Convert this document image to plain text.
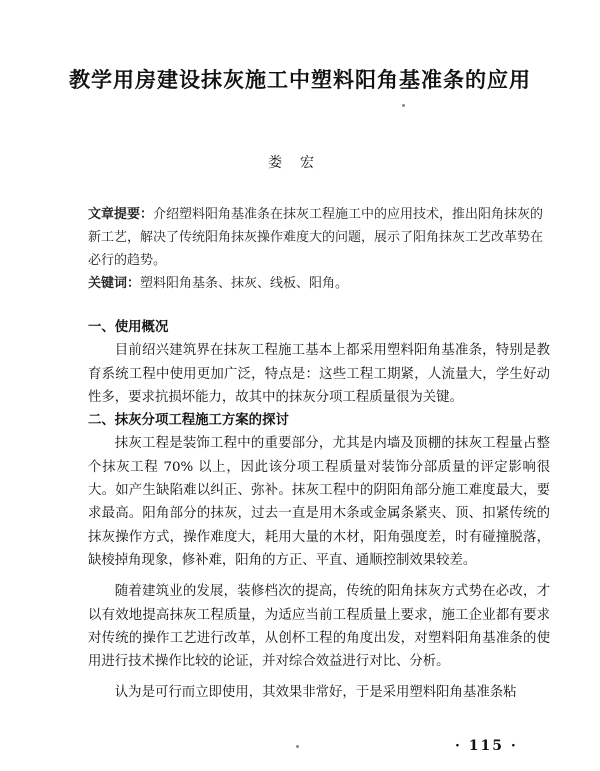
教学用房建设抹灰施工中塑料阳角基准条的应用
娄宏
文章提要：介绍塑料阳角基准条在抹灰工程施工中的应用技术，推出阳角抹灰的新工艺，解决了传统阳角抹灰操作难度大的问题，展示了阳角抹灰工艺改革势在必行的趋势。
关键词：塑料阳角基条、抹灰、线板、阳角。

一、使用概况

目前绍兴建筑界在抹灰工程施工基本上都采用塑料阳角基准条，特别是教育系统工程中使用更加广泛，特点是：这些工程工期紧，人流量大，学生好动性多，要求抗损坏能力，故其中的抹灰分项工程质量很为关键。

二、抹灰分项工程施工方案的探讨

抹灰工程是装饰工程中的重要部分，尤其是内墙及顶棚的抹灰工程量占整个抹灰工程 70% 以上，因此该分项工程质量对装饰分部质量的评定影响很大。如产生缺陷难以纠正、弥补。抹灰工程中的阴阳角部分施工难度最大，要求最高。阳角部分的抹灰，过去一直是用木条或金属条紧夹、顶、扣紧传统的抹灰操作方式，操作难度大，耗用大量的木材，阳角强度差，时有碰撞脱落，缺棱掉角现象，修补难，阳角的方正、平直、通顺控制效果较差。

随着建筑业的发展，装修档次的提高，传统的阳角抹灰方式势在必改，才以有效地提高抹灰工程质量，为适应当前工程质量上要求，施工企业都有要求对传统的操作工艺进行改革，从创杯工程的角度出发，对塑料阳角基准条的使用进行技术操作比较的论证，并对综合效益进行对比、分析。

认为是可行而立即使用，其效果非常好，于是采用塑料阳角基准条粘

· 115 ·
